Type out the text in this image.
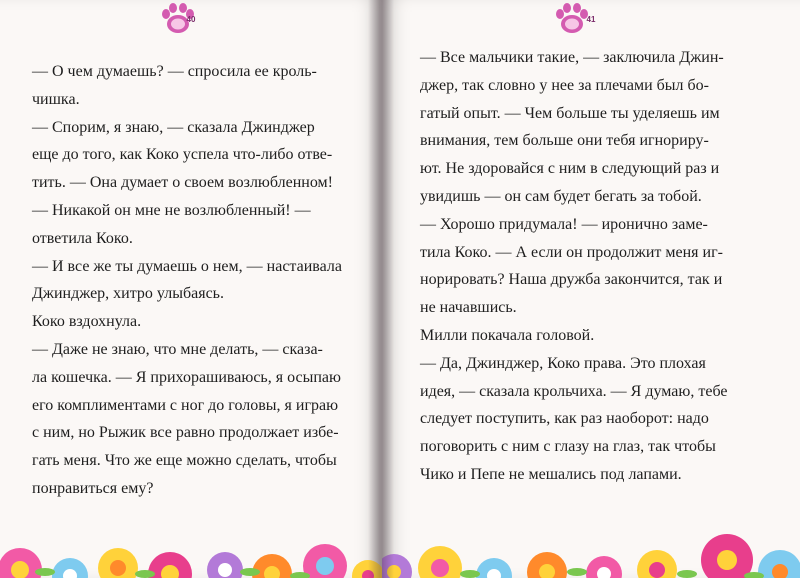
40
— О чем думаешь? — спросила ее кроль-
чишка.
— Спорим, я знаю, — сказала Джинджер
еще до того, как Коко успела что-либо отве-
тить. — Она думает о своем возлюбленном!
— Никакой он мне не возлюбленный! —
ответила Коко.
— И все же ты думаешь о нем, — настаивала
Джинджер, хитро улыбаясь.
Коко вздохнула.
— Даже не знаю, что мне делать, — сказа-
ла кошечка. — Я прихорашиваюсь, я осыпаю
его комплиментами с ног до головы, я играю
с ним, но Рыжик все равно продолжает избе-
гать меня. Что же еще можно сделать, чтобы
понравиться ему?
41
— Все мальчики такие, — заключила Джин-
джер, так словно у нее за плечами был бо-
гатый опыт. — Чем больше ты уделяешь им
внимания, тем больше они тебя игнориру-
ют. Не здоровайся с ним в следующий раз и
увидишь — он сам будет бегать за тобой.
— Хорошо придумала! — иронично заме-
тила Коко. — А если он продолжит меня иг-
норировать? Наша дружба закончится, так и
не начавшись.
Милли покачала головой.
— Да, Джинджер, Коко права. Это плохая
идея, — сказала крольчиха. — Я думаю, тебе
следует поступить, как раз наоборот: надо
поговорить с ним с глазу на глаз, так чтобы
Чико и Пепе не мешались под лапами.
